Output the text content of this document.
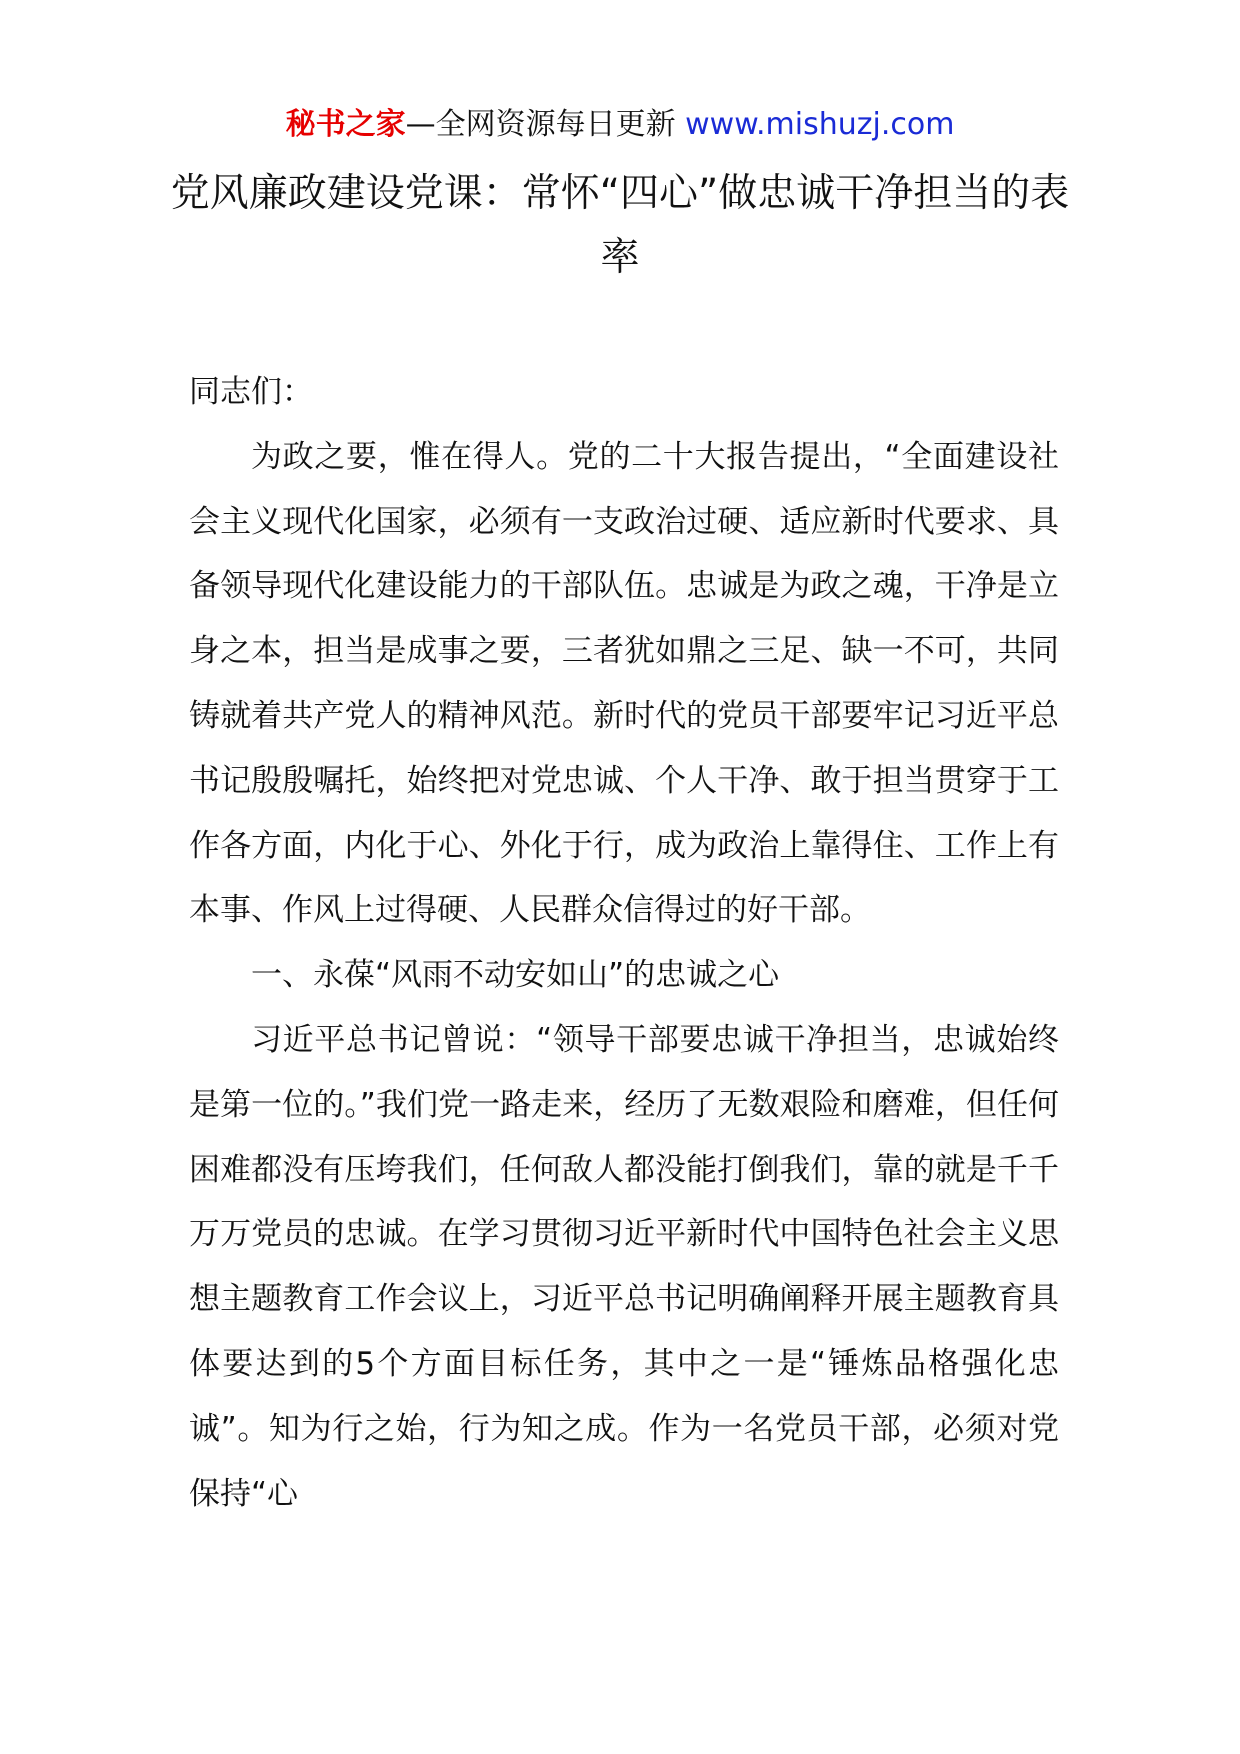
秘书之家—全网资源每日更新 www.mishuzj.com
党风廉政建设党课：常怀“四心”做忠诚干净担当的表率

同志们：

为政之要，惟在得人。党的二十大报告提出，“全面建设社会主义现代化国家，必须有一支政治过硬、适应新时代要求、具备领导现代化建设能力的干部队伍。忠诚是为政之魂，干净是立身之本，担当是成事之要，三者犹如鼎之三足、缺一不可，共同铸就着共产党人的精神风范。新时代的党员干部要牢记习近平总书记殷殷嘱托，始终把对党忠诚、个人干净、敢于担当贯穿于工作各方面，内化于心、外化于行，成为政治上靠得住、工作上有本事、作风上过得硬、人民群众信得过的好干部。

一、永葆“风雨不动安如山”的忠诚之心

习近平总书记曾说：“领导干部要忠诚干净担当，忠诚始终是第一位的。”我们党一路走来，经历了无数艰险和磨难，但任何困难都没有压垮我们，任何敌人都没能打倒我们，靠的就是千千万万党员的忠诚。在学习贯彻习近平新时代中国特色社会主义思想主题教育工作会议上，习近平总书记明确阐释开展主题教育具体要达到的5个方面目标任务，其中之一是“锤炼品格强化忠诚”。知为行之始，行为知之成。作为一名党员干部，必须对党保持“心
